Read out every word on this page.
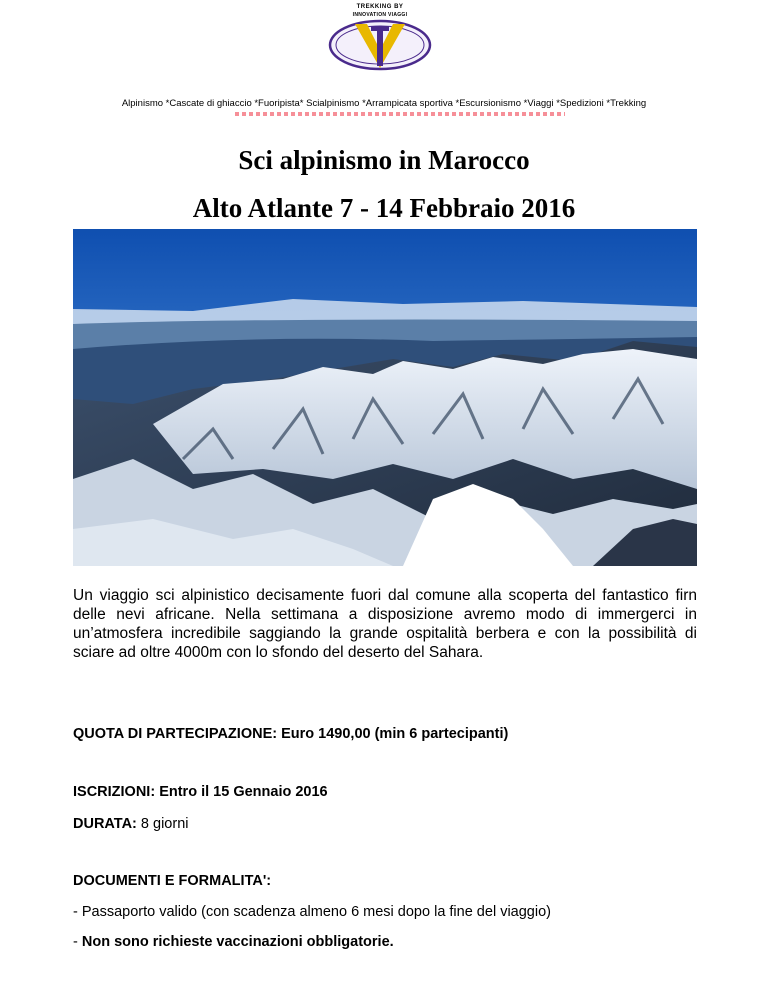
TREKKING BY
INNOVATION VIAGGI
Alpinismo *Cascate di ghiaccio *Fuoripista* Scialpinismo *Arrampicata sportiva *Escursionismo *Viaggi *Spedizioni *Trekking
Sci alpinismo in Marocco
Alto Atlante 7 - 14 Febbraio 2016
Un viaggio sci alpinistico decisamente fuori dal comune alla scoperta del fantastico firn delle nevi africane. Nella settimana a disposizione avremo modo di immergerci in un’atmosfera incredibile saggiando la grande ospitalità berbera e con la possibilità di sciare ad oltre 4000m con lo sfondo del deserto del Sahara.
QUOTA DI PARTECIPAZIONE: Euro 1490,00 (min 6 partecipanti)
ISCRIZIONI: Entro il 15 Gennaio 2016
DURATA: 8 giorni
DOCUMENTI E FORMALITA':
- Passaporto valido (con scadenza almeno 6 mesi dopo la fine del viaggio)
- Non sono richieste vaccinazioni obbligatorie.
